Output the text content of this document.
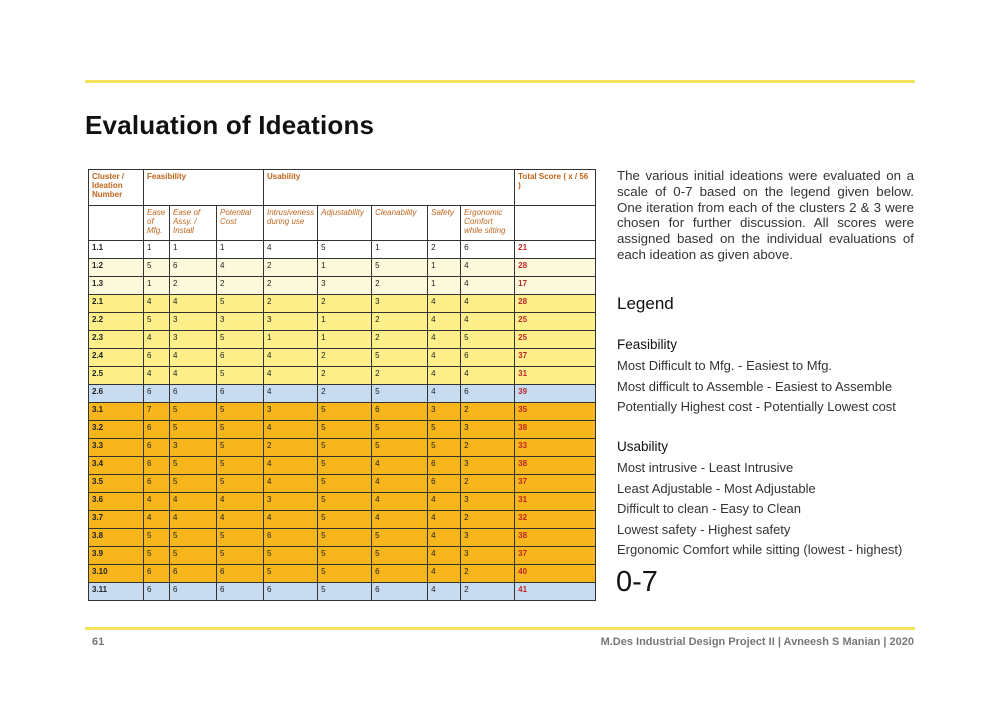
Evaluation of Ideations
Cluster / Ideation Number	Feasibility			Usability					Total Score ( x / 56 )
	Ease of Mfg.	Ease of Assy. / Install	Potential Cost	Intrusiveness during use	Adjustability	Cleanability	Safety	Ergonomic Comfort while sitting	
1.1	1	1	1	4	5	1	2	6	21
1.2	5	6	4	2	1	5	1	4	28
1.3	1	2	2	2	3	2	1	4	17
2.1	4	4	5	2	2	3	4	4	28
2.2	5	3	3	3	1	2	4	4	25
2.3	4	3	5	1	1	2	4	5	25
2.4	6	4	6	4	2	5	4	6	37
2.5	4	4	5	4	2	2	4	4	31
2.6	6	6	6	4	2	5	4	6	39
3.1	7	5	5	3	5	6	3	2	35
3.2	6	5	5	4	5	5	5	3	38
3.3	6	3	5	2	5	5	5	2	33
3.4	6	5	5	4	5	4	6	3	38
3.5	6	5	5	4	5	4	6	2	37
3.6	4	4	4	3	5	4	4	3	31
3.7	4	4	4	4	5	4	4	2	32
3.8	5	5	5	6	5	5	4	3	38
3.9	5	5	5	5	5	5	4	3	37
3.10	6	6	6	5	5	6	4	2	40
3.11	6	6	6	6	5	6	4	2	41
The various initial ideations were evaluated on a scale of 0-7 based on the legend given below. One iteration from each of the clusters 2 & 3 were chosen for further discussion. All scores were assigned based on the individual evaluations of each ideation as given above.
Legend
Feasibility
Most Difficult to Mfg. - Easiest to Mfg.
Most difficult to Assemble - Easiest to Assemble
Potentially Highest cost - Potentially Lowest cost
Usability
Most intrusive - Least Intrusive
Least Adjustable - Most Adjustable
Difficult to clean - Easy to Clean
Lowest safety - Highest safety
Ergonomic Comfort while sitting (lowest - highest)
0-7
61	M.Des Industrial Design Project II | Avneesh S Manian | 2020
